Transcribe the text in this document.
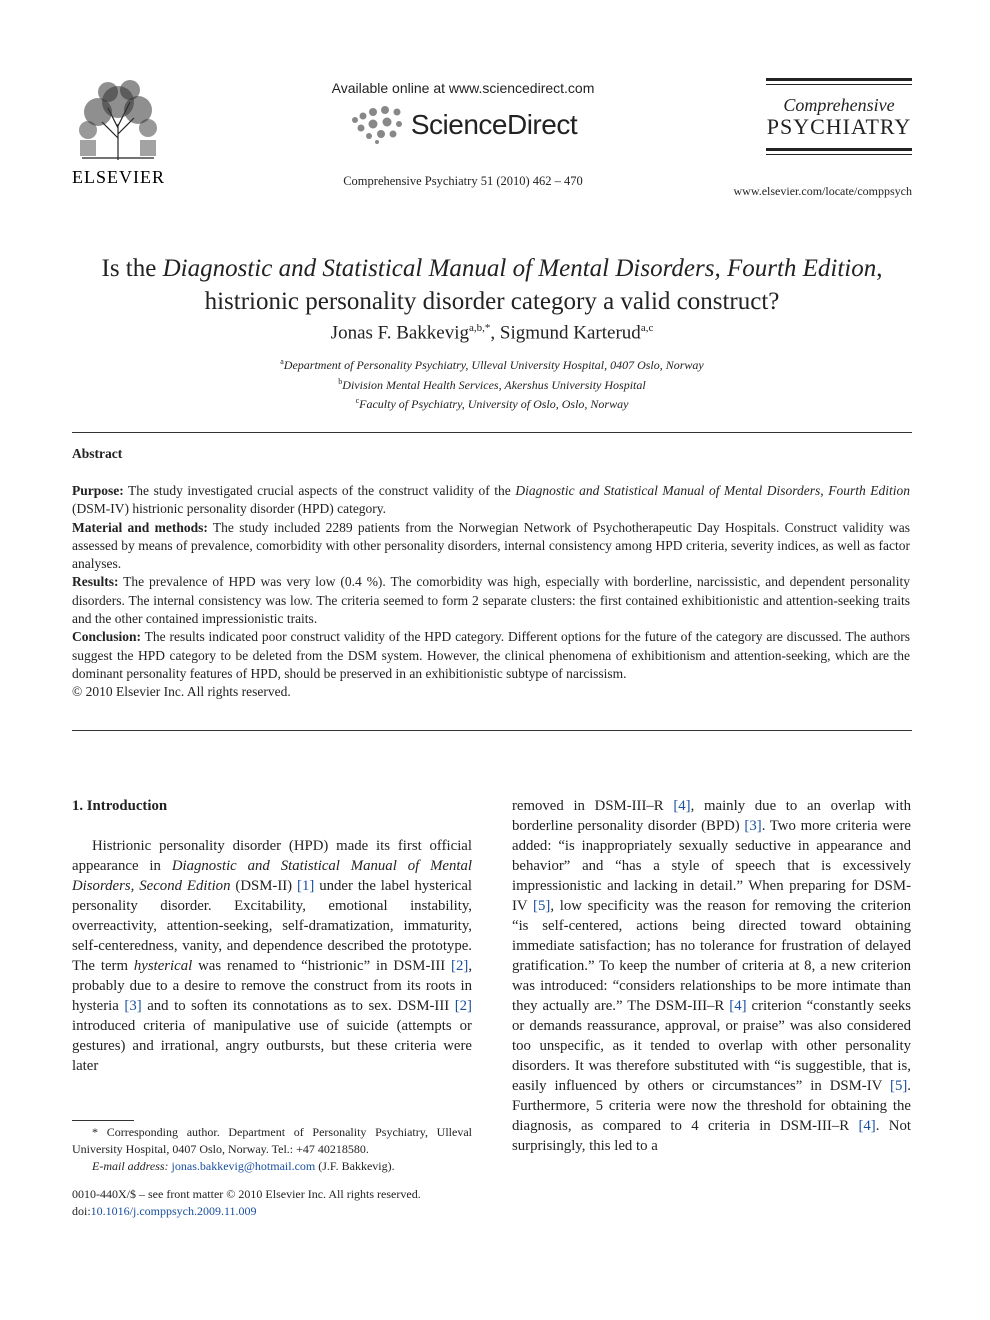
ELSEVIER
Available online at www.sciencedirect.com
ScienceDirect
Comprehensive Psychiatry 51 (2010) 462 – 470
Comprehensive
PSYCHIATRY
www.elsevier.com/locate/comppsych
Is the Diagnostic and Statistical Manual of Mental Disorders, Fourth Edition, histrionic personality disorder category a valid construct?
Jonas F. Bakkevig$^{a,b,*}$, Sigmund Karterud$^{a,c}$
$^a$Department of Personality Psychiatry, Ulleval University Hospital, 0407 Oslo, Norway
$^b$Division Mental Health Services, Akershus University Hospital
$^c$Faculty of Psychiatry, University of Oslo, Oslo, Norway
Abstract

Purpose: The study investigated crucial aspects of the construct validity of the Diagnostic and Statistical Manual of Mental Disorders, Fourth Edition (DSM-IV) histrionic personality disorder (HPD) category.

Material and methods: The study included 2289 patients from the Norwegian Network of Psychotherapeutic Day Hospitals. Construct validity was assessed by means of prevalence, comorbidity with other personality disorders, internal consistency among HPD criteria, severity indices, as well as factor analyses.

Results: The prevalence of HPD was very low (0.4 %). The comorbidity was high, especially with borderline, narcissistic, and dependent personality disorders. The internal consistency was low. The criteria seemed to form 2 separate clusters: the first contained exhibitionistic and attention-seeking traits and the other contained impressionistic traits.

Conclusion: The results indicated poor construct validity of the HPD category. Different options for the future of the category are discussed. The authors suggest the HPD category to be deleted from the DSM system. However, the clinical phenomena of exhibitionism and attention-seeking, which are the dominant personality features of HPD, should be preserved in an exhibitionistic subtype of narcissism.

© 2010 Elsevier Inc. All rights reserved.

1. Introduction

Histrionic personality disorder (HPD) made its first official appearance in Diagnostic and Statistical Manual of Mental Disorders, Second Edition (DSM-II) [1] under the label hysterical personality disorder. Excitability, emotional instability, overreactivity, attention-seeking, self-dramatization, immaturity, self-centeredness, vanity, and dependence described the prototype. The term hysterical was renamed to “histrionic” in DSM-III [2], probably due to a desire to remove the construct from its roots in hysteria [3] and to soften its connotations as to sex. DSM-III [2] introduced criteria of manipulative use of suicide (attempts or gestures) and irrational, angry outbursts, but these criteria were later

removed in DSM-III–R [4], mainly due to an overlap with borderline personality disorder (BPD) [3]. Two more criteria were added: “is inappropriately sexually seductive in appearance and behavior” and “has a style of speech that is excessively impressionistic and lacking in detail.” When preparing for DSM-IV [5], low specificity was the reason for removing the criterion “is self-centered, actions being directed toward obtaining immediate satisfaction; has no tolerance for frustration of delayed gratification.” To keep the number of criteria at 8, a new criterion was introduced: “considers relationships to be more intimate than they actually are.” The DSM-III–R [4] criterion “constantly seeks or demands reassurance, approval, or praise” was also considered too unspecific, as it tended to overlap with other personality disorders. It was therefore substituted with “is suggestible, that is, easily influenced by others or circumstances” in DSM-IV [5]. Furthermore, 5 criteria were now the threshold for obtaining the diagnosis, as compared to 4 criteria in DSM-III–R [4]. Not surprisingly, this led to a

* Corresponding author. Department of Personality Psychiatry, Ulleval University Hospital, 0407 Oslo, Norway. Tel.: +47 40218580.

E-mail address: jonas.bakkevig@hotmail.com (J.F. Bakkevig).

0010-440X/$ – see front matter © 2010 Elsevier Inc. All rights reserved.

doi:10.1016/j.comppsych.2009.11.009
